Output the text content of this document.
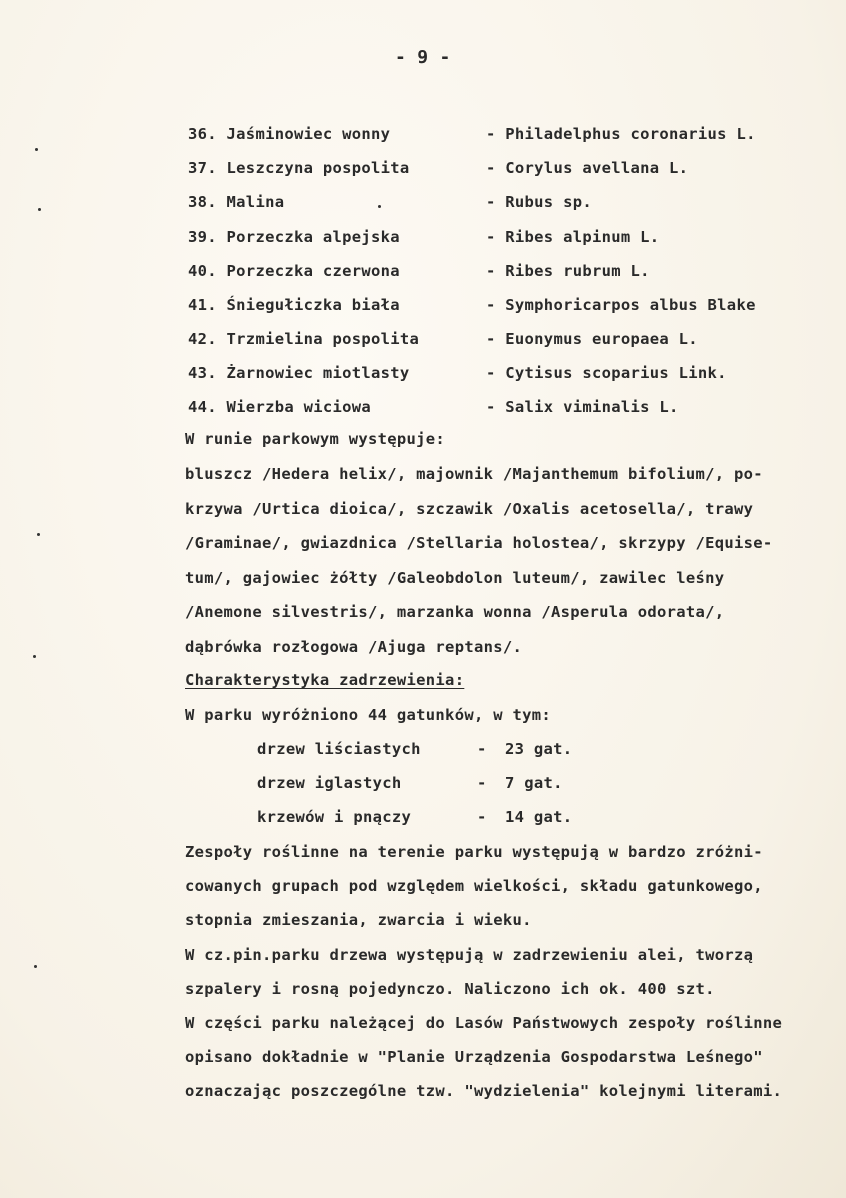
- 9 -
36. Jaśminowiec wonny	- Philadelphus coronarius L.
37. Leszczyna pospolita	- Corylus avellana L.
38. Malina	- Rubus sp.
39. Porzeczka alpejska	- Ribes alpinum L.
40. Porzeczka czerwona	- Ribes rubrum L.
41. Śniegułiczka biała	- Symphoricarpos albus Blake
42. Trzmielina pospolita	- Euonymus europaea L.
43. Żarnowiec miotlasty	- Cytisus scoparius Link.
44. Wierzba wiciowa	- Salix viminalis L.
W runie parkowym występuje:
bluszcz /Hedera helix/, majownik /Majanthemum bifolium/, po-
krzywa /Urtica dioica/, szczawik /Oxalis acetosella/, trawy
/Graminae/, gwiazdnica /Stellaria holostea/, skrzypy /Equise-
tum/, gajowiec żółty /Galeobdolon luteum/, zawilec leśny
/Anemone silvestris/, marzanka wonna /Asperula odorata/,
dąbrówka rozłogowa /Ajuga reptans/.
Charakterystyka zadrzewienia:
W parku wyróżniono 44 gatunków, w tym:
drzew liściastych	- 23 gat.
drzew iglastych	- 7 gat.
krzewów i pnączy	- 14 gat.
Zespoły roślinne na terenie parku występują w bardzo zróżni-
cowanych grupach pod względem wielkości, składu gatunkowego,
stopnia zmieszania, zwarcia i wieku.
W cz.pin.parku drzewa występują w zadrzewieniu alei, tworzą
szpalery i rosną pojedynczo. Naliczono ich ok. 400 szt.
W części parku należącej do Lasów Państwowych zespoły roślinne
opisano dokładnie w "Planie Urządzenia Gospodarstwa Leśnego"
oznaczając poszczególne tzw. "wydzielenia" kolejnymi literami.
